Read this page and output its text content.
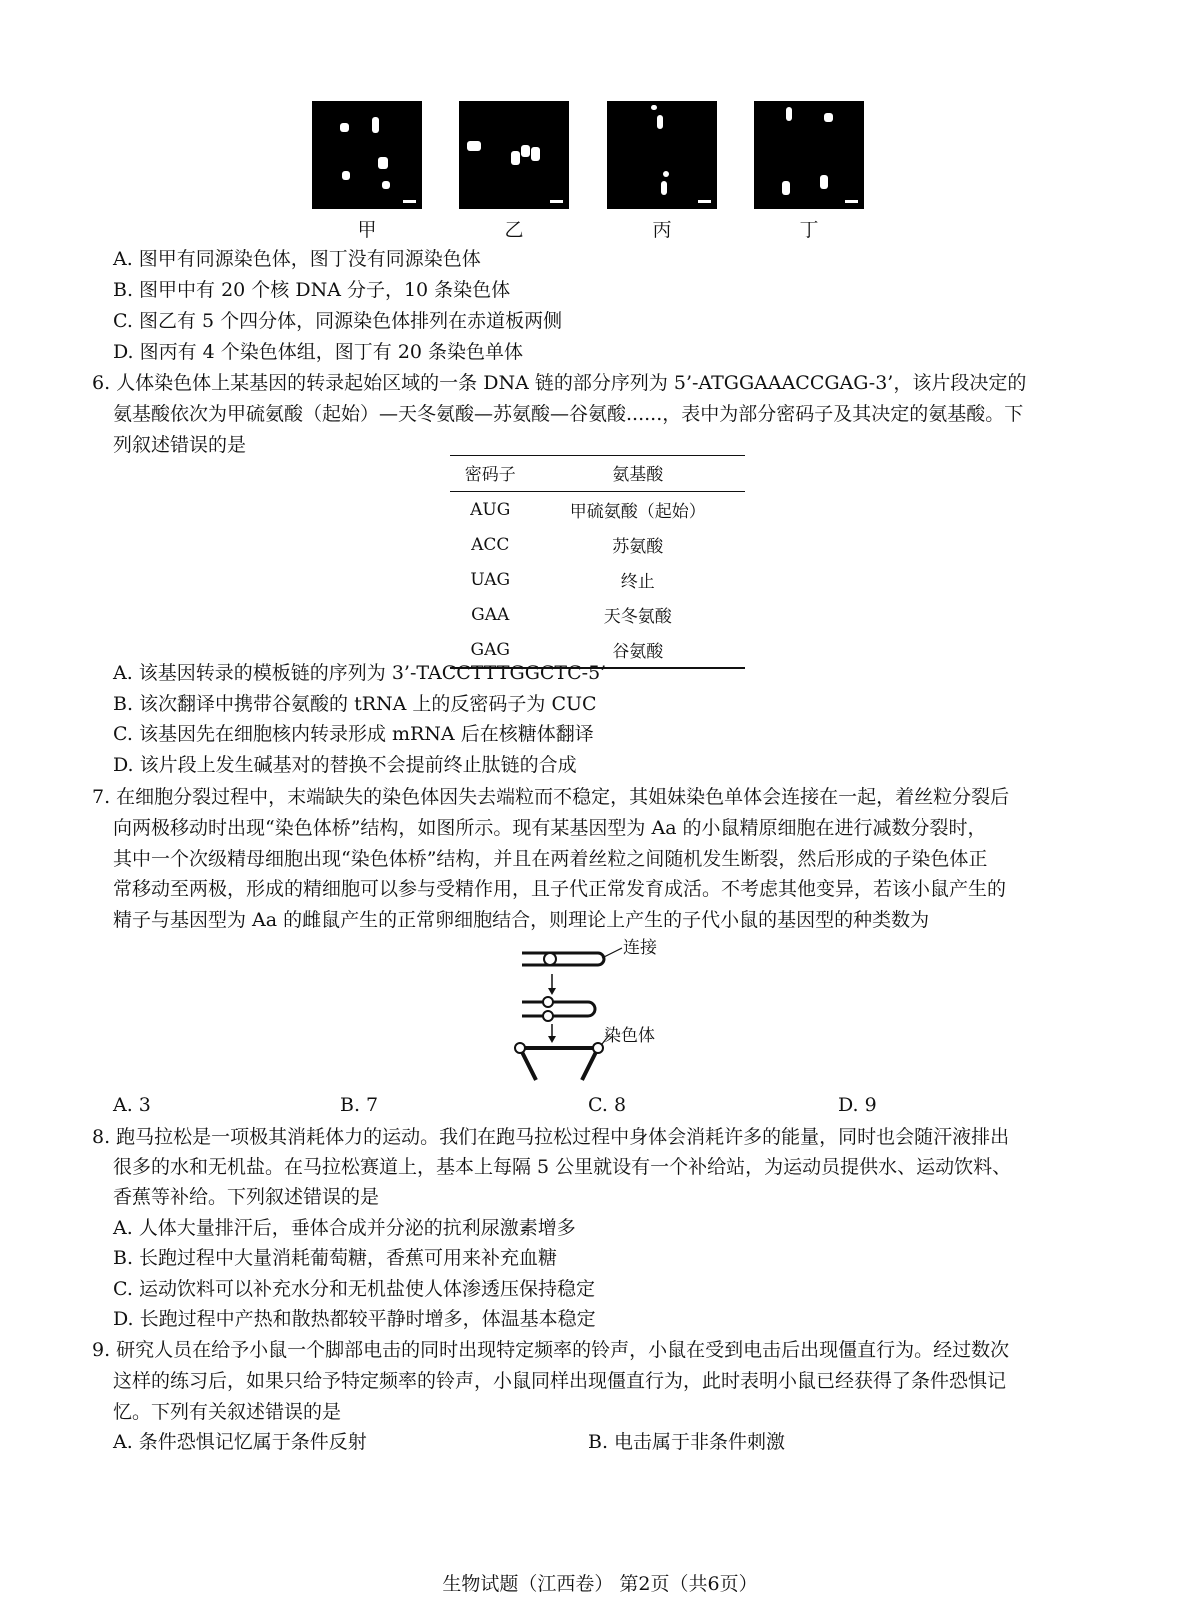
甲	乙	丙	丁
A. 图甲有同源染色体，图丁没有同源染色体
B. 图甲中有 20 个核 DNA 分子，10 条染色体
C. 图乙有 5 个四分体，同源染色体排列在赤道板两侧
D. 图丙有 4 个染色体组，图丁有 20 条染色单体
6. 人体染色体上某基因的转录起始区域的一条 DNA 链的部分序列为 5’-ATGGAAACCGAG-3’，该片段决定的
氨基酸依次为甲硫氨酸（起始）—天冬氨酸—苏氨酸—谷氨酸......，表中为部分密码子及其决定的氨基酸。下
列叙述错误的是
密码子	氨基酸
AUG	甲硫氨酸（起始）
ACC	苏氨酸
UAG	终止
GAA	天冬氨酸
GAG	谷氨酸
A. 该基因转录的模板链的序列为 3’-TACCTTTGGCTC-5’
B. 该次翻译中携带谷氨酸的 tRNA 上的反密码子为 CUC
C. 该基因先在细胞核内转录形成 mRNA 后在核糖体翻译
D. 该片段上发生碱基对的替换不会提前终止肽链的合成
7. 在细胞分裂过程中，末端缺失的染色体因失去端粒而不稳定，其姐妹染色单体会连接在一起，着丝粒分裂后
向两极移动时出现“染色体桥”结构，如图所示。现有某基因型为 Aa 的小鼠精原细胞在进行减数分裂时，
其中一个次级精母细胞出现“染色体桥”结构，并且在两着丝粒之间随机发生断裂，然后形成的子染色体正
常移动至两极，形成的精细胞可以参与受精作用，且子代正常发育成活。不考虑其他变异，若该小鼠产生的
精子与基因型为 Aa 的雌鼠产生的正常卵细胞结合，则理论上产生的子代小鼠的基因型的种类数为
连接
染色体
A. 3	B. 7	C. 8	D. 9
8. 跑马拉松是一项极其消耗体力的运动。我们在跑马拉松过程中身体会消耗许多的能量，同时也会随汗液排出
很多的水和无机盐。在马拉松赛道上，基本上每隔 5 公里就设有一个补给站，为运动员提供水、运动饮料、
香蕉等补给。下列叙述错误的是
A. 人体大量排汗后，垂体合成并分泌的抗利尿激素增多
B. 长跑过程中大量消耗葡萄糖，香蕉可用来补充血糖
C. 运动饮料可以补充水分和无机盐使人体渗透压保持稳定
D. 长跑过程中产热和散热都较平静时增多，体温基本稳定
9. 研究人员在给予小鼠一个脚部电击的同时出现特定频率的铃声，小鼠在受到电击后出现僵直行为。经过数次
这样的练习后，如果只给予特定频率的铃声，小鼠同样出现僵直行为，此时表明小鼠已经获得了条件恐惧记
忆。下列有关叙述错误的是
A. 条件恐惧记忆属于条件反射	B. 电击属于非条件刺激
生物试题（江西卷） 第2页（共6页）
